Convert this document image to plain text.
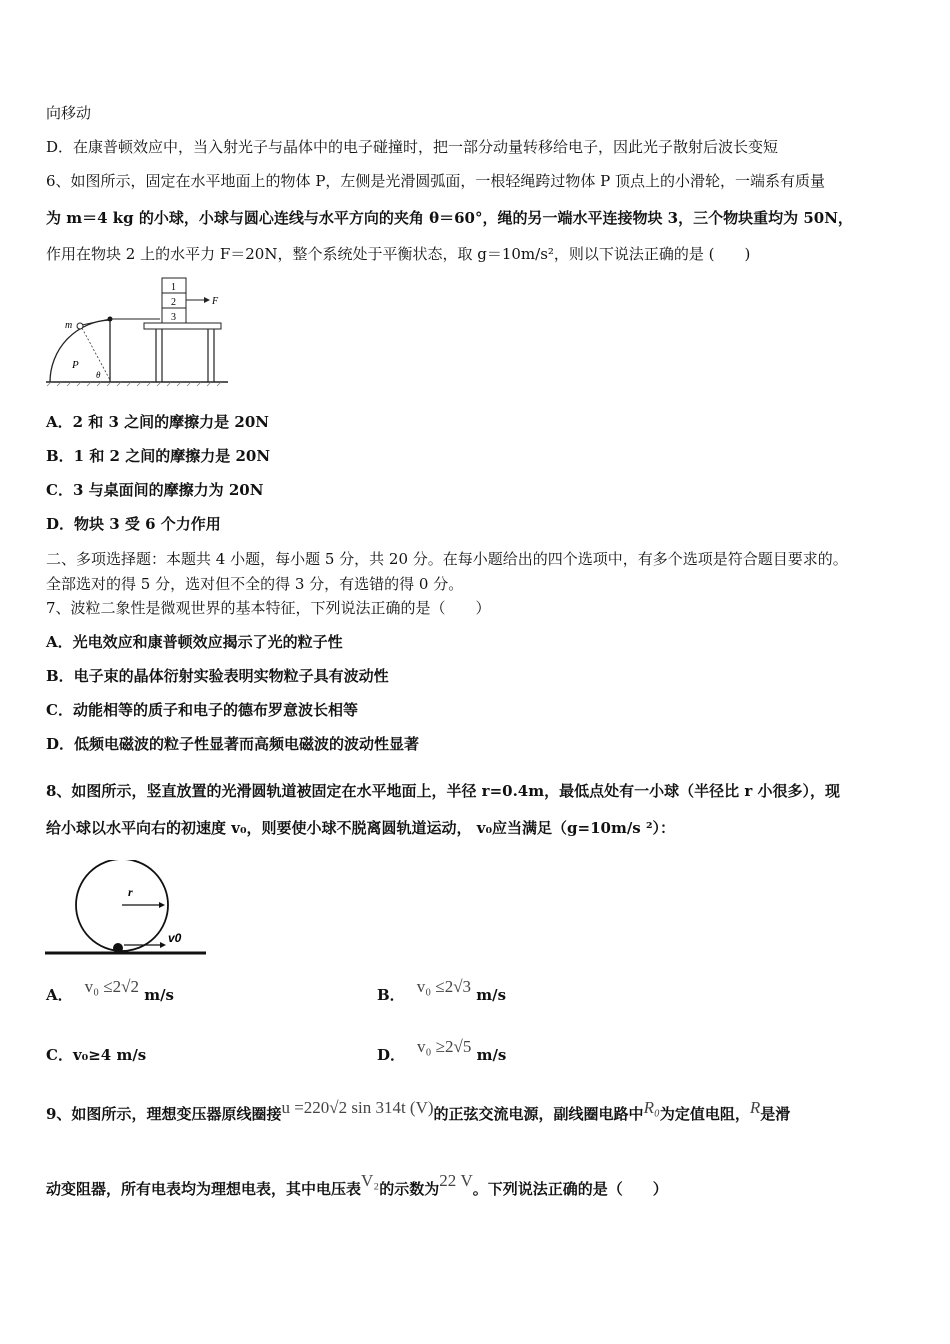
向移动
D．在康普顿效应中，当入射光子与晶体中的电子碰撞时，把一部分动量转移给电子，因此光子散射后波长变短
6、如图所示，固定在水平地面上的物体 P，左侧是光滑圆弧面，一根轻绳跨过物体 P 顶点上的小滑轮，一端系有质量
为 m＝4 kg 的小球，小球与圆心连线与水平方向的夹角 θ＝60°，绳的另一端水平连接物块 3，三个物块重均为 50N，
作用在物块 2 上的水平力 F＝20N，整个系统处于平衡状态，取 g＝10m/s²，则以下说法正确的是 (　　)
1
2
3
F
m
P
θ
A．2 和 3 之间的摩擦力是 20N
B．1 和 2 之间的摩擦力是 20N
C．3 与桌面间的摩擦力为 20N
D．物块 3 受 6 个力作用
二、多项选择题：本题共 4 小题，每小题 5 分，共 20 分。在每小题给出的四个选项中，有多个选项是符合题目要求的。
全部选对的得 5 分，选对但不全的得 3 分，有选错的得 0 分。
7、波粒二象性是微观世界的基本特征，下列说法正确的是（　　）
A．光电效应和康普顿效应揭示了光的粒子性
B．电子束的晶体衍射实验表明实物粒子具有波动性
C．动能相等的质子和电子的德布罗意波长相等
D．低频电磁波的粒子性显著而高频电磁波的波动性显著
8、如图所示，竖直放置的光滑圆轨道被固定在水平地面上，半径 r=0.4m，最低点处有一小球（半径比 r 小很多），现
给小球以水平向右的初速度 v₀，则要使小球不脱离圆轨道运动， v₀应当满足（g=10m/s ²）：
r
v0
A． v₀ ≤2√2 m/s	B． v₀ ≤2√3 m/s
C．v₀≥4 m/s	D． v₀ ≥2√5 m/s
9、如图所示，理想变压器原线圈接u =220√2 sin 314t (V)的正弦交流电源，副线圈电路中R₀为定值电阻，R是滑
动变阻器，所有电表均为理想电表，其中电压表V₂的示数为22 V。下列说法正确的是（　　）
